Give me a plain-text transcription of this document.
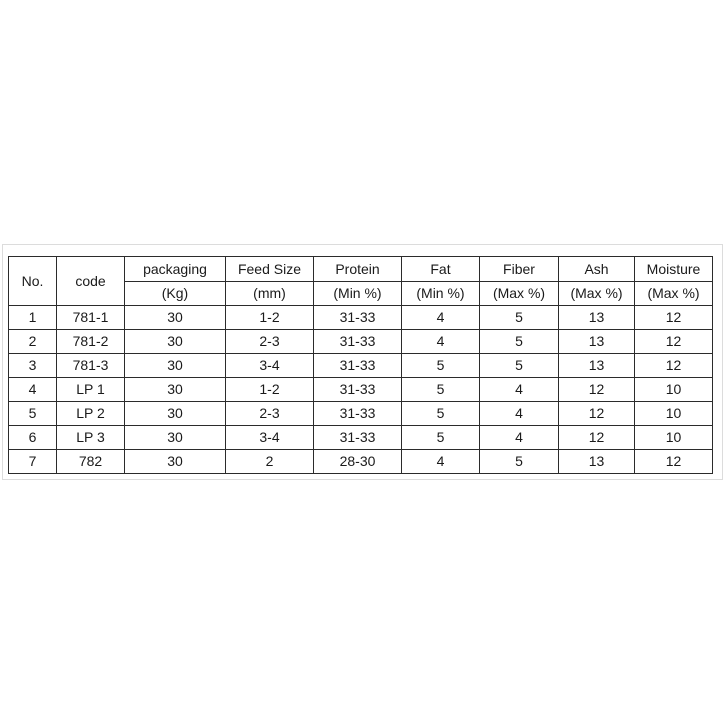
No.	code	packaging	Feed Size	Protein	Fat	Fiber	Ash	Moisture
		(Kg)	(mm)	(Min %)	(Min %)	(Max %)	(Max %)	(Max %)
1	781-1	30	1-2	31-33	4	5	13	12
2	781-2	30	2-3	31-33	4	5	13	12
3	781-3	30	3-4	31-33	5	5	13	12
4	LP 1	30	1-2	31-33	5	4	12	10
5	LP 2	30	2-3	31-33	5	4	12	10
6	LP 3	30	3-4	31-33	5	4	12	10
7	782	30	2	28-30	4	5	13	12
